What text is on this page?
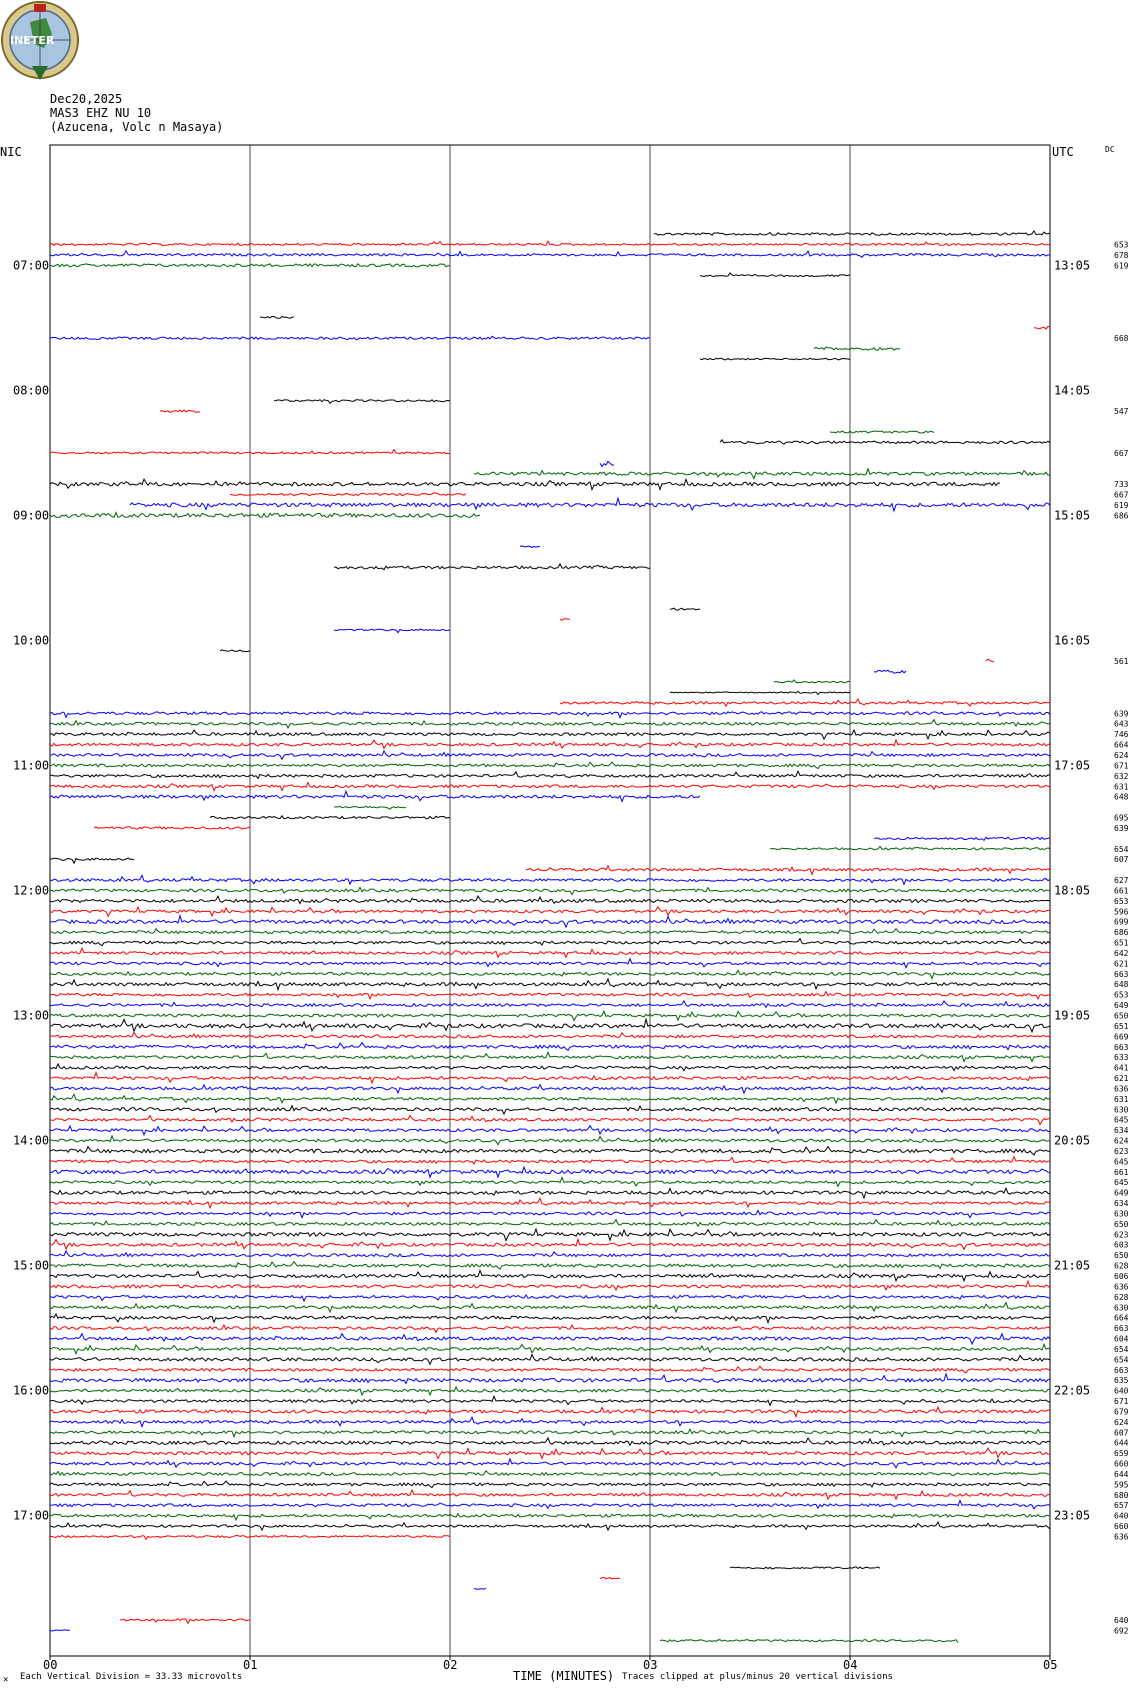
INETER
Dec20,2025
MAS3 EHZ NU 10
(Azucena, Volc n Masaya)
07:00
08:00
09:00
10:00
11:00
12:00
13:00
14:00
15:00
16:00
17:00
13:05
14:05
15:05
16:05
17:05
18:05
19:05
20:05
21:05
22:05
23:05
653
678
619
668
547
667
733
667
619
686
561
639
643
746
664
624
671
632
631
648
695
639
654
607
627
661
653
596
699
686
651
642
621
663
648
653
649
650
651
669
663
633
641
621
636
631
630
645
634
624
623
645
661
645
649
634
630
650
623
603
650
628
606
636
628
630
664
663
604
654
654
663
635
640
671
679
624
607
644
659
660
644
595
680
657
640
660
636
640
692
00	01	02	03	04	05
NIC	UTC	DC
✕ Each Vertical Division = 33.33 microvolts	TIME (MINUTES) Traces clipped at plus/minus 20 vertical divisions
